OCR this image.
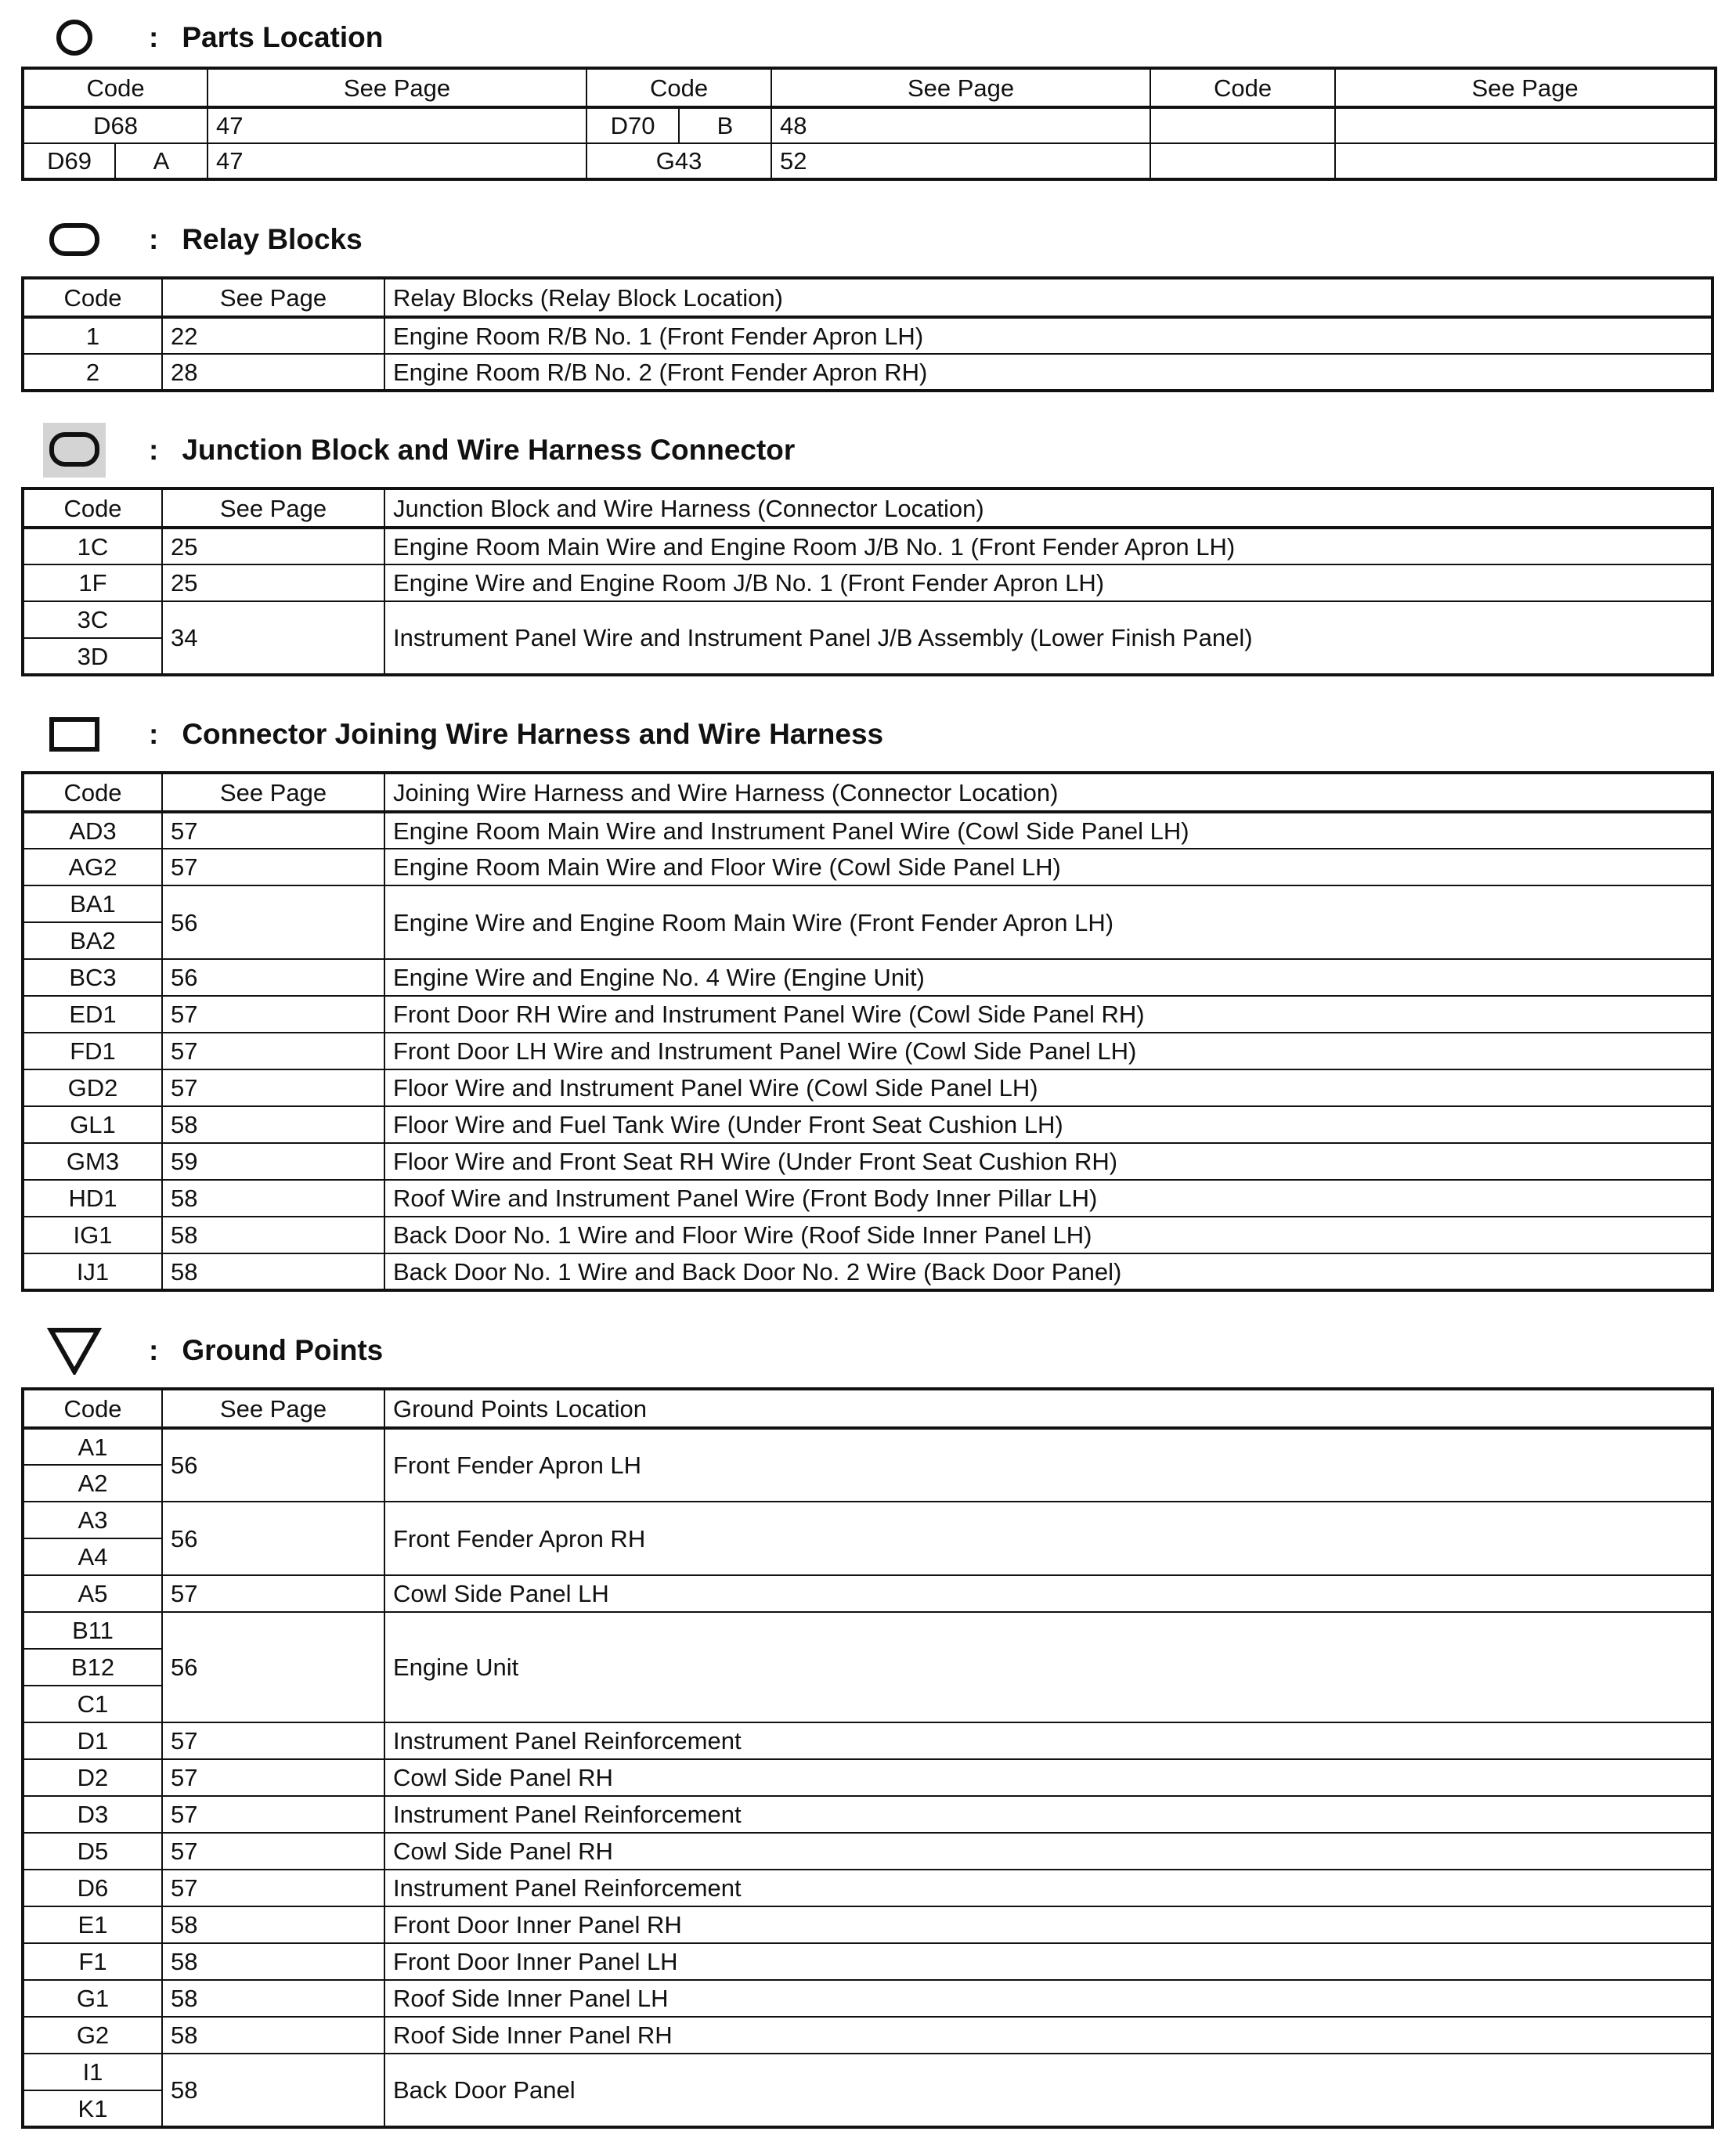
: Parts Location
Code		See Page	Code		See Page	Code	See Page
D68		47	D70	B	48		
D69	A	47	G43		52		
: Relay Blocks
Code	See Page	Relay Blocks (Relay Block Location)
1	22	Engine Room R/B No. 1 (Front Fender Apron LH)
2	28	Engine Room R/B No. 2 (Front Fender Apron RH)
: Junction Block and Wire Harness Connector
Code	See Page	Junction Block and Wire Harness (Connector Location)
1C	25	Engine Room Main Wire and Engine Room J/B No. 1 (Front Fender Apron LH)
1F	25	Engine Wire and Engine Room J/B No. 1 (Front Fender Apron LH)
3C	34	Instrument Panel Wire and Instrument Panel J/B Assembly (Lower Finish Panel)
3D		
: Connector Joining Wire Harness and Wire Harness
Code	See Page	Joining Wire Harness and Wire Harness (Connector Location)
AD3	57	Engine Room Main Wire and Instrument Panel Wire (Cowl Side Panel LH)
AG2	57	Engine Room Main Wire and Floor Wire (Cowl Side Panel LH)
BA1	56	Engine Wire and Engine Room Main Wire (Front Fender Apron LH)
BA2		
BC3	56	Engine Wire and Engine No. 4 Wire (Engine Unit)
ED1	57	Front Door RH Wire and Instrument Panel Wire (Cowl Side Panel RH)
FD1	57	Front Door LH Wire and Instrument Panel Wire (Cowl Side Panel LH)
GD2	57	Floor Wire and Instrument Panel Wire (Cowl Side Panel LH)
GL1	58	Floor Wire and Fuel Tank Wire (Under Front Seat Cushion LH)
GM3	59	Floor Wire and Front Seat RH Wire (Under Front Seat Cushion RH)
HD1	58	Roof Wire and Instrument Panel Wire (Front Body Inner Pillar LH)
IG1	58	Back Door No. 1 Wire and Floor Wire (Roof Side Inner Panel LH)
IJ1	58	Back Door No. 1 Wire and Back Door No. 2 Wire (Back Door Panel)
: Ground Points
Code	See Page	Ground Points Location
A1	56	Front Fender Apron LH
A2		
A3	56	Front Fender Apron RH
A4		
A5	57	Cowl Side Panel LH
B11	56	Engine Unit
B12		
C1		
D1	57	Instrument Panel Reinforcement
D2	57	Cowl Side Panel RH
D3	57	Instrument Panel Reinforcement
D5	57	Cowl Side Panel RH
D6	57	Instrument Panel Reinforcement
E1	58	Front Door Inner Panel RH
F1	58	Front Door Inner Panel LH
G1	58	Roof Side Inner Panel LH
G2	58	Roof Side Inner Panel RH
I1	58	Back Door Panel
K1		
